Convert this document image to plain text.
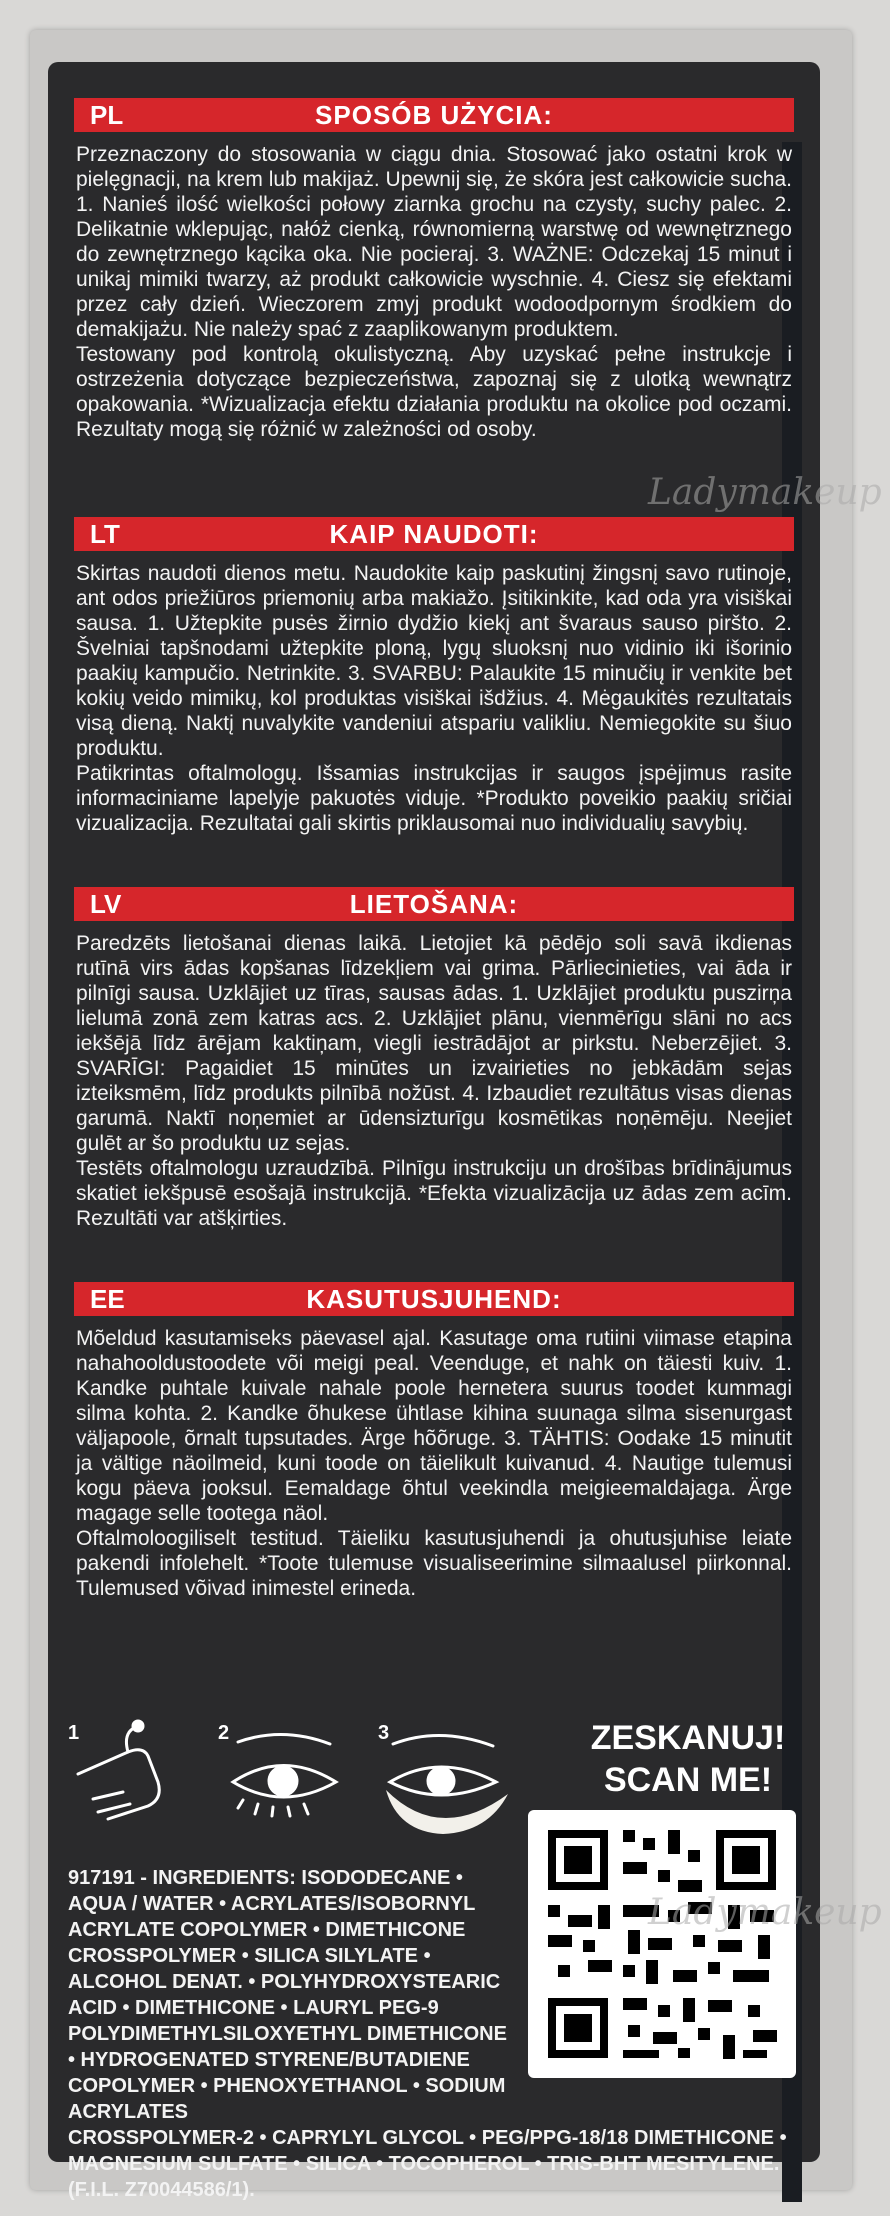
PL	SPOSÓB UŻYCIA:
Przeznaczony do stosowania w ciągu dnia. Stosować jako ostatni krok w pielęgnacji, na krem lub makijaż. Upewnij się, że skóra jest całkowicie sucha. 1. Nanieś ilość wielkości połowy ziarnka grochu na czysty, suchy palec. 2. Delikatnie wklepując, nałóż cienką, równomierną warstwę od wewnętrznego do zewnętrznego kącika oka. Nie pocieraj. 3. WAŻNE: Odczekaj 15 minut i unikaj mimiki twarzy, aż produkt całkowicie wyschnie. 4. Ciesz się efektami przez cały dzień. Wieczorem zmyj produkt wodoodpornym środkiem do demakijażu. Nie należy spać z zaaplikowanym produktem.
Testowany pod kontrolą okulistyczną. Aby uzyskać pełne instrukcje i ostrzeżenia dotyczące bezpieczeństwa, zapoznaj się z ulotką wewnątrz opakowania. *Wizualizacja efektu działania produktu na okolice pod oczami. Rezultaty mogą się różnić w zależności od osoby.
LT	KAIP NAUDOTI:
Skirtas naudoti dienos metu. Naudokite kaip paskutinį žingsnį savo rutinoje, ant odos priežiūros priemonių arba makiažo. Įsitikinkite, kad oda yra visiškai sausa. 1. Užtepkite pusės žirnio dydžio kiekį ant švaraus sauso piršto. 2. Švelniai tapšnodami užtepkite ploną, lygų sluoksnį nuo vidinio iki išorinio paakių kampučio. Netrinkite. 3. SVARBU: Palaukite 15 minučių ir venkite bet kokių veido mimikų, kol produktas visiškai išdžius. 4. Mėgaukitės rezultatais visą dieną. Naktį nuvalykite vandeniui atspariu valikliu. Nemiegokite su šiuo produktu.
Patikrintas oftalmologų. Išsamias instrukcijas ir saugos įspėjimus rasite informaciniame lapelyje pakuotės viduje. *Produkto poveikio paakių sričiai vizualizacija. Rezultatai gali skirtis priklausomai nuo individualių savybių.
LV	LIETOŠANA:
Paredzēts lietošanai dienas laikā. Lietojiet kā pēdējo soli savā ikdienas rutīnā virs ādas kopšanas līdzekļiem vai grima. Pārliecinieties, vai āda ir pilnīgi sausa. Uzklājiet uz tīras, sausas ādas. 1. Uzklājiet produktu puszirņa lielumā zonā zem katras acs. 2. Uzklājiet plānu, vienmērīgu slāni no acs iekšējā līdz ārējam kaktiņam, viegli iestrādājot ar pirkstu. Neberzējiet. 3. SVARĪGI: Pagaidiet 15 minūtes un izvairieties no jebkādām sejas izteiksmēm, līdz produkts pilnībā nožūst. 4. Izbaudiet rezultātus visas dienas garumā. Naktī noņemiet ar ūdensizturīgu kosmētikas noņēmēju. Neejiet gulēt ar šo produktu uz sejas.
Testēts oftalmologu uzraudzībā. Pilnīgu instrukciju un drošības brīdinājumus skatiet iekšpusē esošajā instrukcijā. *Efekta vizualizācija uz ādas zem acīm. Rezultāti var atšķirties.
EE	KASUTUSJUHEND:
Mõeldud kasutamiseks päevasel ajal. Kasutage oma rutiini viimase etapina nahahooldustoodete või meigi peal. Veenduge, et nahk on täiesti kuiv. 1. Kandke puhtale kuivale nahale poole hernetera suurus toodet kummagi silma kohta. 2. Kandke õhukese ühtlase kihina suunaga silma sisenurgast väljapoole, õrnalt tupsutades. Ärge hõõruge. 3. TÄHTIS: Oodake 15 minutit ja vältige näoilmeid, kuni toode on täielikult kuivanud. 4. Nautige tulemusi kogu päeva jooksul. Eemaldage õhtul veekindla meigieemaldajaga. Ärge magage selle tootega näol.
Oftalmoloogiliselt testitud. Täieliku kasutusjuhendi ja ohutusjuhise leiate pakendi infolehelt. *Toote tulemuse visualiseerimine silmaalusel piirkonnal. Tulemused võivad inimestel erineda.
1	2	3	ZESKANUJ!
SCAN ME!
917191 - INGREDIENTS: ISODODECANE • AQUA / WATER • ACRYLATES/ISOBORNYL ACRYLATE COPOLYMER • DIMETHICONE CROSSPOLYMER • SILICA SILYLATE • ALCOHOL DENAT. • POLYHYDROXYSTEARIC ACID • DIMETHICONE • LAURYL PEG-9 POLYDIMETHYLSILOXYETHYL DIMETHICONE • HYDROGENATED STYRENE/BUTADIENE COPOLYMER • PHENOXYETHANOL • SODIUM ACRYLATES
CROSSPOLYMER-2 • CAPRYLYL GLYCOL • PEG/PPG-18/18 DIMETHICONE • MAGNESIUM SULFATE • SILICA • TOCOPHEROL • TRIS-BHT MESITYLENE. (F.I.L. Z70044586/1).
Ladymakeup
Ladymakeup
